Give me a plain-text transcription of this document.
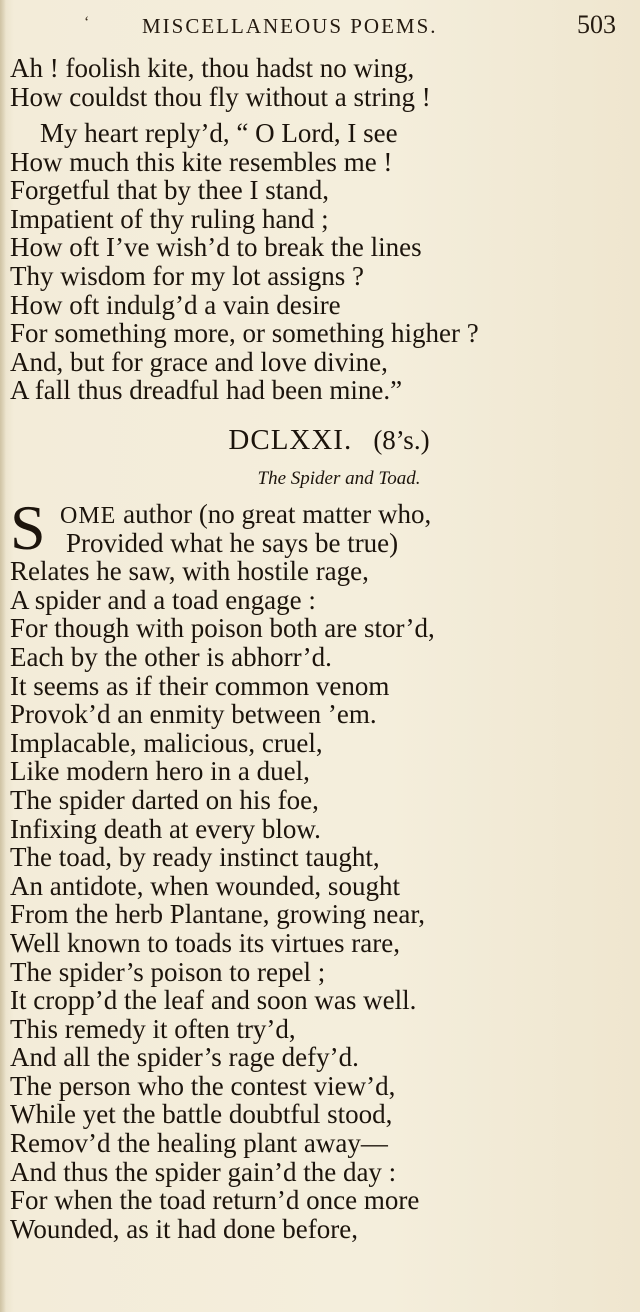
‘	MISCELLANEOUS POEMS.	503
Ah ! foolish kite, thou hadst no wing,
How couldst thou fly without a string !
My heart reply’d, “ O Lord, I see
How much this kite resembles me !
Forgetful that by thee I stand,
Impatient of thy ruling hand ;
How oft I’ve wish’d to break the lines
Thy wisdom for my lot assigns ?
How oft indulg’d a vain desire
For something more, or something higher ?
And, but for grace and love divine,
A fall thus dreadful had been mine.”
DCLXXI. (8’s.)
The Spider and Toad.
S OME author (no great matter who,
Provided what he says be true)
Relates he saw, with hostile rage,
A spider and a toad engage :
For though with poison both are stor’d,
Each by the other is abhorr’d.
It seems as if their common venom
Provok’d an enmity between ’em.
Implacable, malicious, cruel,
Like modern hero in a duel,
The spider darted on his foe,
Infixing death at every blow.
The toad, by ready instinct taught,
An antidote, when wounded, sought
From the herb Plantane, growing near,
Well known to toads its virtues rare,
The spider’s poison to repel ;
It cropp’d the leaf and soon was well.
This remedy it often try’d,
And all the spider’s rage defy’d.
The person who the contest view’d,
While yet the battle doubtful stood,
Remov’d the healing plant away—
And thus the spider gain’d the day :
For when the toad return’d once more
Wounded, as it had done before,
